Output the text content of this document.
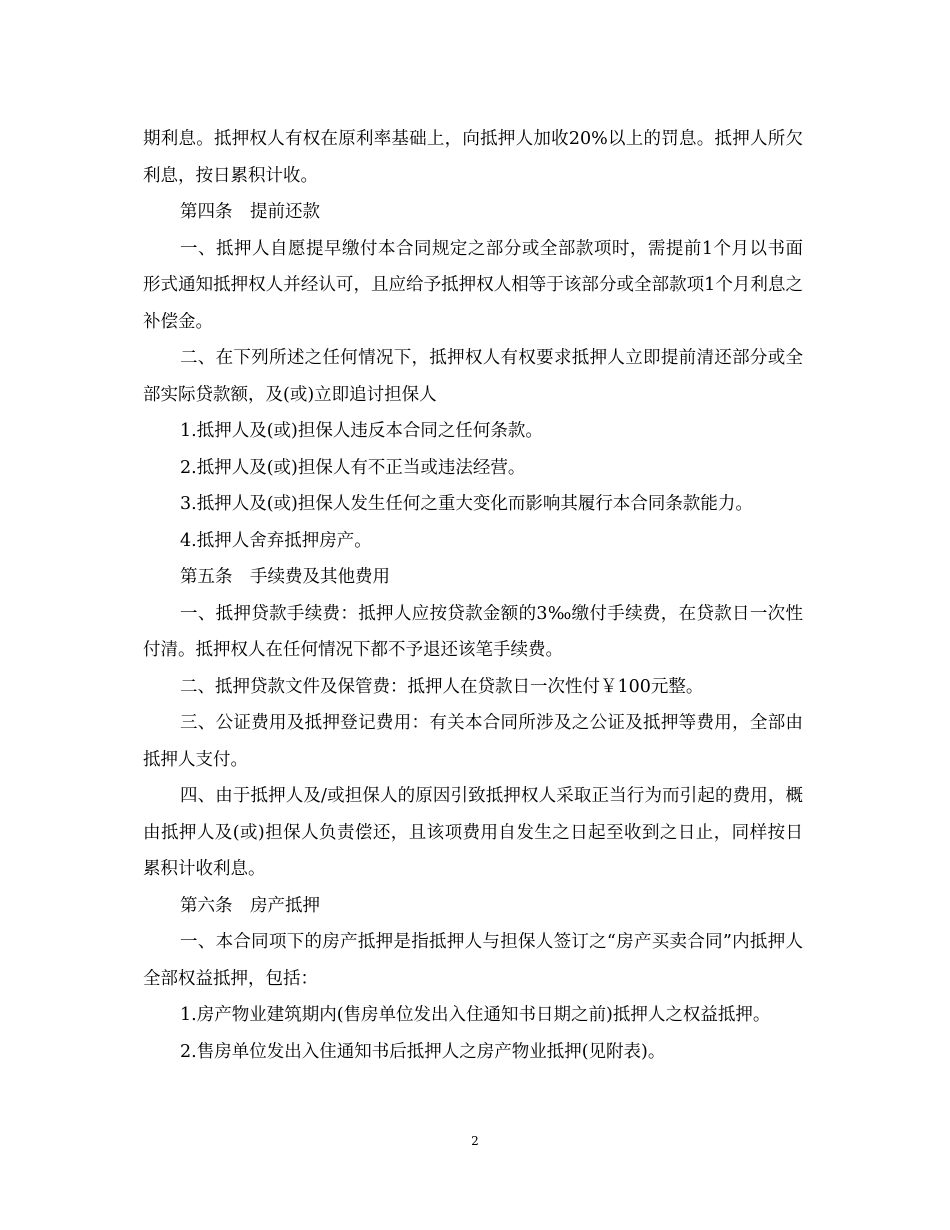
期利息。抵押权人有权在原利率基础上，向抵押人加收20%以上的罚息。抵押人所欠利息，按日累积计收。

第四条　提前还款

一、抵押人自愿提早缴付本合同规定之部分或全部款项时，需提前1个月以书面形式通知抵押权人并经认可，且应给予抵押权人相等于该部分或全部款项1个月利息之补偿金。

二、在下列所述之任何情况下，抵押权人有权要求抵押人立即提前清还部分或全部实际贷款额，及(或)立即追讨担保人

1.抵押人及(或)担保人违反本合同之任何条款。

2.抵押人及(或)担保人有不正当或违法经营。

3.抵押人及(或)担保人发生任何之重大变化而影响其履行本合同条款能力。

4.抵押人舍弃抵押房产。

第五条　手续费及其他费用

一、抵押贷款手续费：抵押人应按贷款金额的3‰缴付手续费，在贷款日一次性付清。抵押权人在任何情况下都不予退还该笔手续费。

二、抵押贷款文件及保管费：抵押人在贷款日一次性付￥100元整。

三、公证费用及抵押登记费用：有关本合同所涉及之公证及抵押等费用，全部由抵押人支付。

四、由于抵押人及/或担保人的原因引致抵押权人采取正当行为而引起的费用，概由抵押人及(或)担保人负责偿还，且该项费用自发生之日起至收到之日止，同样按日累积计收利息。

第六条　房产抵押

一、本合同项下的房产抵押是指抵押人与担保人签订之“房产买卖合同”内抵押人全部权益抵押，包括：

1.房产物业建筑期内(售房单位发出入住通知书日期之前)抵押人之权益抵押。

2.售房单位发出入住通知书后抵押人之房产物业抵押(见附表)。

2
